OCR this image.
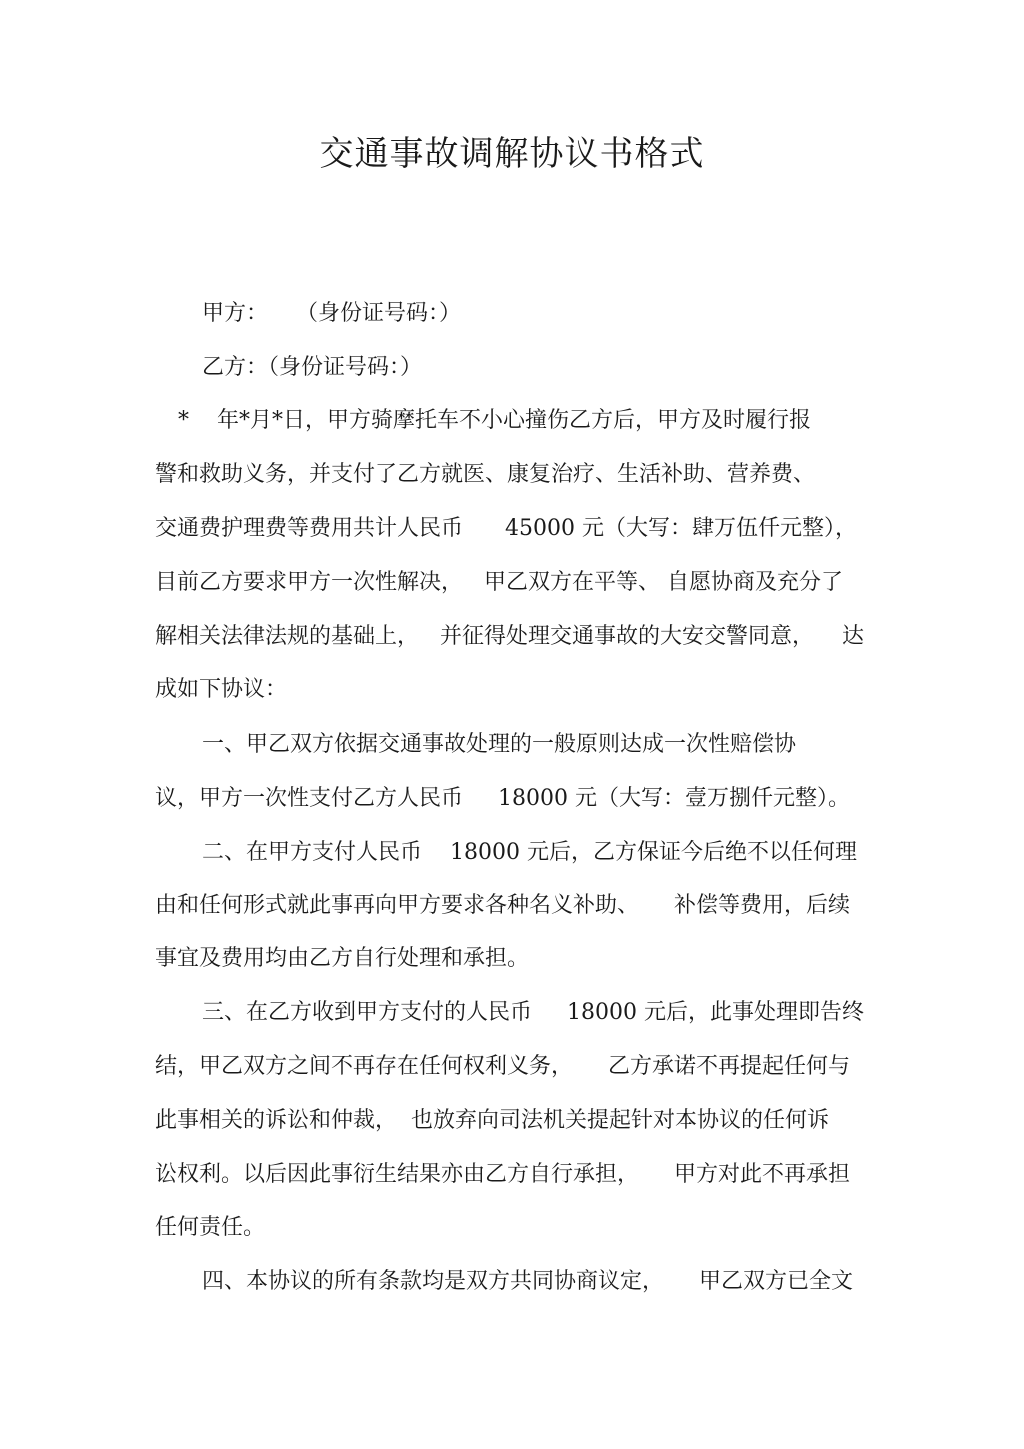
交通事故调解协议书格式
甲方：    （身份证号码：）
乙方：（身份证号码：）
*    年*月*日，甲方骑摩托车不小心撞伤乙方后，甲方及时履行报
警和救助义务，并支付了乙方就医、康复治疗、生活补助、营养费、
交通费护理费等费用共计人民币      45000 元（大写：肆万伍仟元整），
目前乙方要求甲方一次性解决，   甲乙双方在平等、 自愿协商及充分了
解相关法律法规的基础上，   并征得处理交通事故的大安交警同意，    达
成如下协议：
一、甲乙双方依据交通事故处理的一般原则达成一次性赔偿协
议，甲方一次性支付乙方人民币     18000 元（大写：壹万捌仟元整）。
二、在甲方支付人民币    18000 元后，乙方保证今后绝不以任何理
由和任何形式就此事再向甲方要求各种名义补助、     补偿等费用，后续
事宜及费用均由乙方自行处理和承担。
三、在乙方收到甲方支付的人民币     18000 元后，此事处理即告终
结，甲乙双方之间不再存在任何权利义务，     乙方承诺不再提起任何与
此事相关的诉讼和仲裁，  也放弃向司法机关提起针对本协议的任何诉
讼权利。以后因此事衍生结果亦由乙方自行承担，     甲方对此不再承担
任何责任。
四、本协议的所有条款均是双方共同协商议定，     甲乙双方已全文
